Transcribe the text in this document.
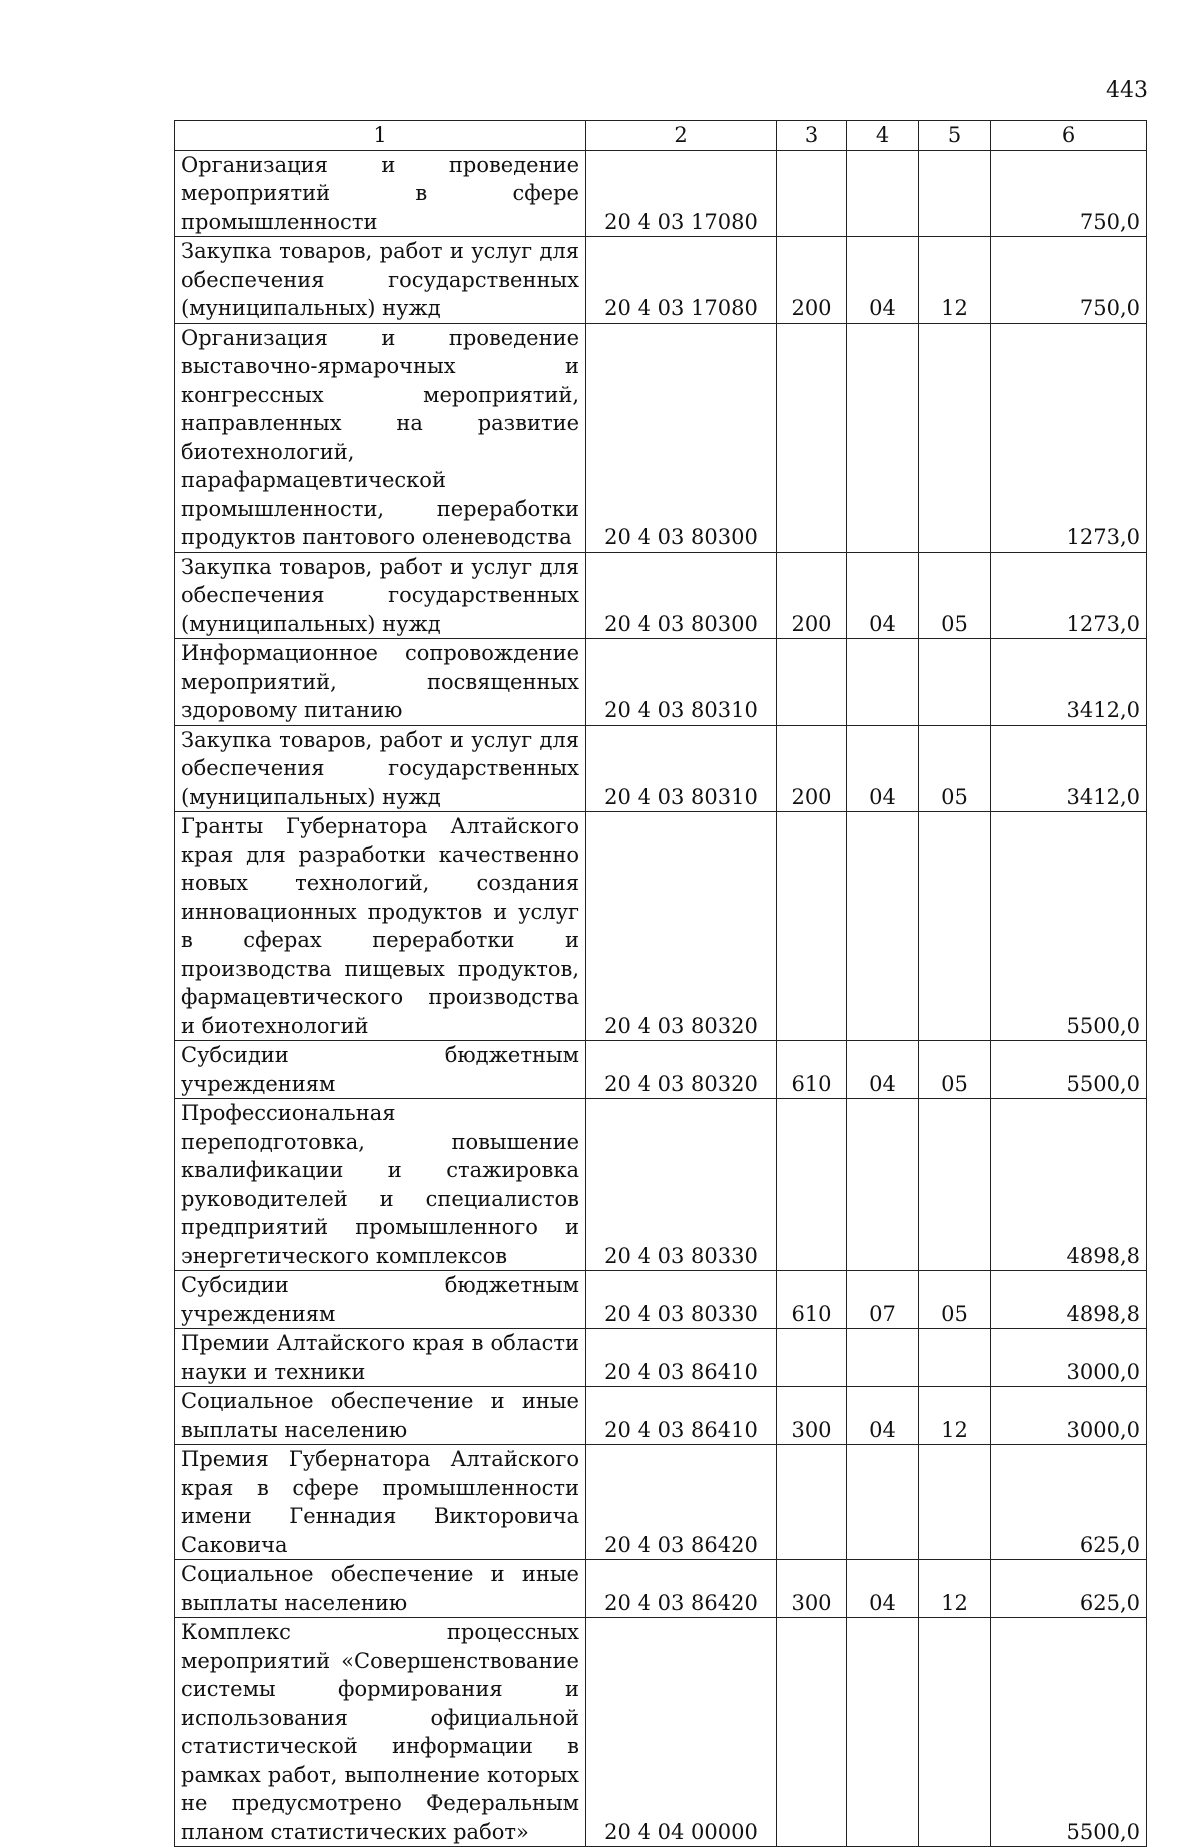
443
1	2	3	4	5	6
Организация и проведение мероприятий в сфере промышленности	20 4 03 17080				750,0
Закупка товаров, работ и услуг для обеспечения государственных (муниципальных) нужд	20 4 03 17080	200	04	12	750,0
Организация и проведение выставочно-ярмарочных и конгрессных мероприятий, направленных на развитие биотехнологий, парафармацевтической промышленности, переработки продуктов пантового оленеводства	20 4 03 80300				1273,0
Закупка товаров, работ и услуг для обеспечения государственных (муниципальных) нужд	20 4 03 80300	200	04	05	1273,0
Информационное сопровождение мероприятий, посвященных здоровому питанию	20 4 03 80310				3412,0
Закупка товаров, работ и услуг для обеспечения государственных (муниципальных) нужд	20 4 03 80310	200	04	05	3412,0
Гранты Губернатора Алтайского края для разработки качественно новых технологий, создания инновационных продуктов и услуг в сферах переработки и производства пищевых продуктов, фармацевтического производства и биотехнологий	20 4 03 80320				5500,0
Субсидии бюджетным учреждениям	20 4 03 80320	610	04	05	5500,0
Профессиональная переподготовка, повышение квалификации и стажировка руководителей и специалистов предприятий промышленного и энергетического комплексов	20 4 03 80330				4898,8
Субсидии бюджетным учреждениям	20 4 03 80330	610	07	05	4898,8
Премии Алтайского края в области науки и техники	20 4 03 86410				3000,0
Социальное обеспечение и иные выплаты населению	20 4 03 86410	300	04	12	3000,0
Премия Губернатора Алтайского края в сфере промышленности имени Геннадия Викторовича Саковича	20 4 03 86420				625,0
Социальное обеспечение и иные выплаты населению	20 4 03 86420	300	04	12	625,0
Комплекс процессных мероприятий «Совершенствование системы формирования и использования официальной статистической информации в рамках работ, выполнение которых не предусмотрено Федеральным планом статистических работ»	20 4 04 00000				5500,0
